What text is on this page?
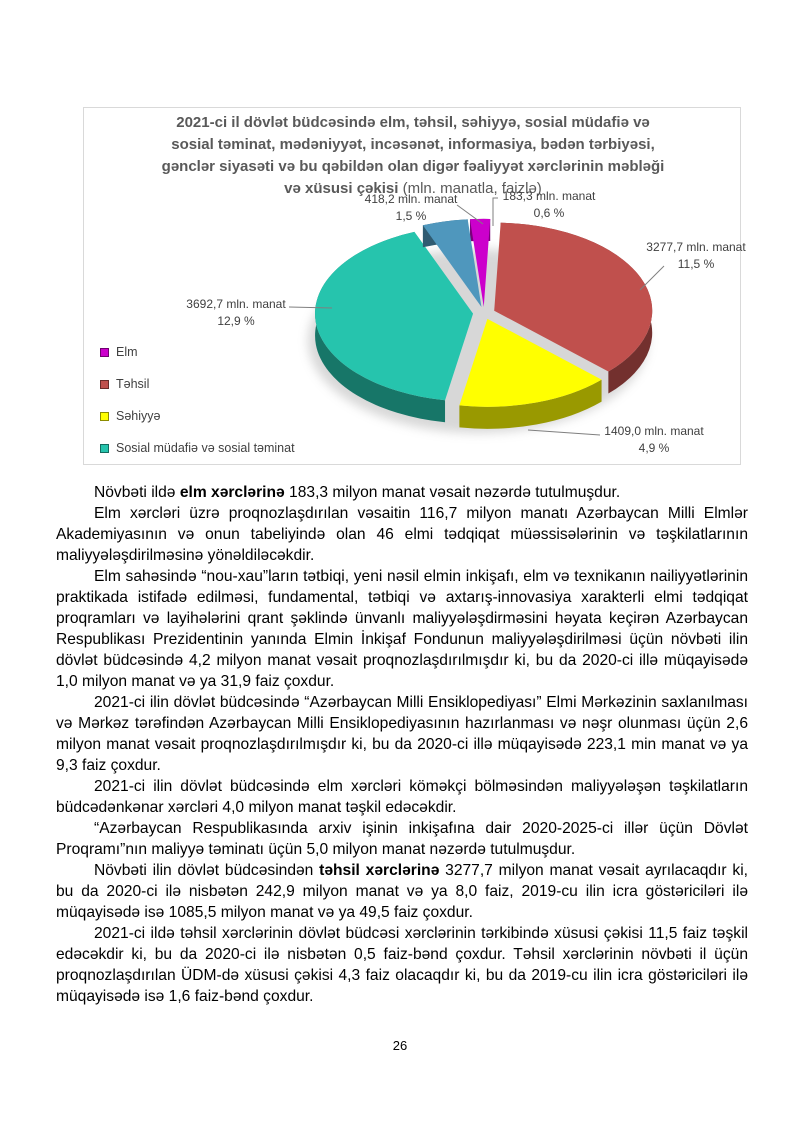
2021-ci il dövlət büdcəsində elm, təhsil, səhiyyə, sosial müdafiə və
sosial təminat, mədəniyyət, incəsənət, informasiya, bədən tərbiyəsi,
gənclər siyasəti və bu qəbildən olan digər fəaliyyət xərclərinin məbləği
və xüsusi çəkisi (mln. manatla, faizlə)
183,3 mln. manat
0,6 %
418,2 mln. manat
1,5 %
3277,7 mln. manat
11,5 %
3692,7 mln. manat
12,9 %
1409,0 mln. manat
4,9 %
Elm
Təhsil
Səhiyyə
Sosial müdafiə və sosial təminat

Növbəti ildə elm xərclərinə 183,3 milyon manat vəsait nəzərdə tutulmuşdur.

Elm xərcləri üzrə proqnozlaşdırılan vəsaitin 116,7 milyon manatı Azərbaycan Milli Elmlər Akademiyasının və onun tabeliyində olan 46 elmi tədqiqat müəssisələrinin və təşkilatlarının maliyyələşdirilməsinə yönəldiləcəkdir.

Elm sahəsində “nou-xau”ların tətbiqi, yeni nəsil elmin inkişafı, elm və texnikanın nailiyyətlərinin praktikada istifadə edilməsi, fundamental, tətbiqi və axtarış-innovasiya xarakterli elmi tədqiqat proqramları və layihələrini qrant şəklində ünvanlı maliyyələşdirməsini həyata keçirən Azərbaycan Respublikası Prezidentinin yanında Elmin İnkişaf Fondunun maliyyələşdirilməsi üçün növbəti ilin dövlət büdcəsində 4,2 milyon manat vəsait proqnozlaşdırılmışdır ki, bu da 2020-ci illə müqayisədə 1,0 milyon manat və ya 31,9 faiz çoxdur.

2021-ci ilin dövlət büdcəsində “Azərbaycan Milli Ensiklopediyası” Elmi Mərkəzinin saxlanılması və Mərkəz tərəfindən Azərbaycan Milli Ensiklopediyasının hazırlanması və nəşr olunması üçün 2,6 milyon manat vəsait proqnozlaşdırılmışdır ki, bu da 2020-ci illə müqayisədə 223,1 min manat və ya 9,3 faiz çoxdur.

2021-ci ilin dövlət büdcəsində elm xərcləri köməkçi bölməsindən maliyyələşən təşkilatların büdcədənkənar xərcləri 4,0 milyon manat təşkil edəcəkdir.

“Azərbaycan Respublikasında arxiv işinin inkişafına dair 2020-2025-ci illər üçün Dövlət Proqramı”nın maliyyə təminatı üçün 5,0 milyon manat nəzərdə tutulmuşdur.

Növbəti ilin dövlət büdcəsindən təhsil xərclərinə 3277,7 milyon manat vəsait ayrılacaqdır ki, bu da 2020-ci ilə nisbətən 242,9 milyon manat və ya 8,0 faiz, 2019-cu ilin icra göstəriciləri ilə müqayisədə isə 1085,5 milyon manat və ya 49,5 faiz çoxdur.

2021-ci ildə təhsil xərclərinin dövlət büdcəsi xərclərinin tərkibində xüsusi çəkisi 11,5 faiz təşkil edəcəkdir ki, bu da 2020-ci ilə nisbətən 0,5 faiz-bənd çoxdur. Təhsil xərclərinin növbəti il üçün proqnozlaşdırılan ÜDM-də xüsusi çəkisi 4,3 faiz olacaqdır ki, bu da 2019-cu ilin icra göstəriciləri ilə müqayisədə isə 1,6 faiz-bənd çoxdur.

26
